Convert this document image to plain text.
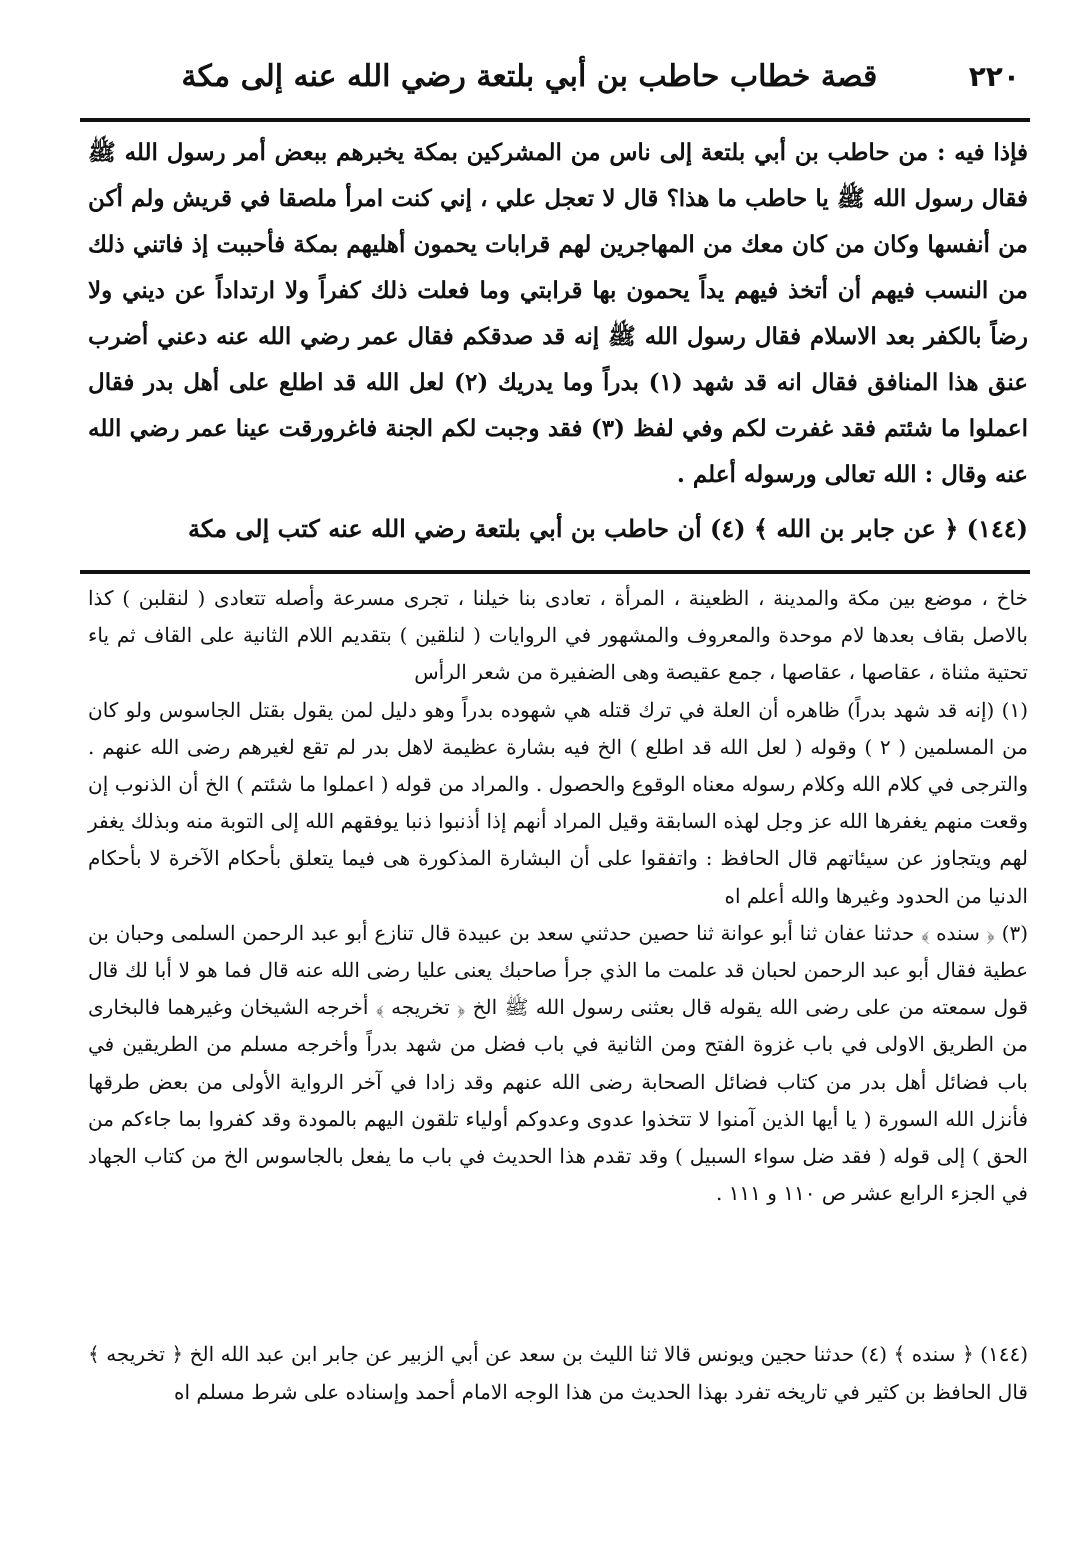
٢٢٠
قصة خطاب حاطب بن أبي بلتعة رضي الله عنه إلى مكة

فإذا فيه : من حاطب بن أبي بلتعة إلى ناس من المشركين بمكة يخبرهم ببعض أمر رسول الله ﷺ فقال رسول الله ﷺ يا حاطب ما هذا؟ قال لا تعجل علي ، إني كنت امرأ ملصقا في قريش ولم أكن من أنفسها وكان من كان معك من المهاجرين لهم قرابات يحمون أهليهم بمكة فأحببت إذ فاتني ذلك من النسب فيهم أن أتخذ فيهم يداً يحمون بها قرابتي وما فعلت ذلك كفراً ولا ارتداداً عن ديني ولا رضاً بالكفر بعد الاسلام فقال رسول الله ﷺ إنه قد صدقكم فقال عمر رضي الله عنه دعني أضرب عنق هذا المنافق فقال انه قد شهد (١) بدراً وما يدريك (٢) لعل الله قد اطلع على أهل بدر فقال اعملوا ما شئتم فقد غفرت لكم وفي لفظ (٣) فقد وجبت لكم الجنة فاغرورقت عينا عمر رضي الله عنه وقال : الله تعالى ورسوله أعلم .

(١٤٤) ﴿ عن جابر بن الله ﴾ (٤) أن حاطب بن أبي بلتعة رضي الله عنه كتب إلى مكة

خاخ ، موضع بين مكة والمدينة ، الظعينة ، المرأة ، تعادى بنا خيلنا ، تجرى مسرعة وأصله تتعادى ( لنقلبن ) كذا بالاصل بقاف بعدها لام موحدة والمعروف والمشهور في الروايات ( لنلقين ) بتقديم اللام الثانية على القاف ثم ياء تحتية مثناة ، عقاصها ، عقاصها ، جمع عقيصة وهى الضفيرة من شعر الرأس

(١) (إنه قد شهد بدراً) ظاهره أن العلة في ترك قتله هي شهوده بدراً وهو دليل لمن يقول بقتل الجاسوس ولو كان من المسلمين ( ٢ ) وقوله ( لعل الله قد اطلع ) الخ فيه بشارة عظيمة لاهل بدر لم تقع لغيرهم رضى الله عنهم . والترجى في كلام الله وكلام رسوله معناه الوقوع والحصول . والمراد من قوله ( اعملوا ما شئتم ) الخ أن الذنوب إن وقعت منهم يغفرها الله عز وجل لهذه السابقة وقيل المراد أنهم إذا أذنبوا ذنبا يوفقهم الله إلى التوبة منه وبذلك يغفر لهم ويتجاوز عن سيئاتهم قال الحافظ : واتفقوا على أن البشارة المذكورة هى فيما يتعلق بأحكام الآخرة لا بأحكام الدنيا من الحدود وغيرها والله أعلم اه

(٣) ﴿ سنده ﴾ حدثنا عفان ثنا أبو عوانة ثنا حصين حدثني سعد بن عبيدة قال تنازع أبو عبد الرحمن السلمى وحبان بن عطية فقال أبو عبد الرحمن لحبان قد علمت ما الذي جرأ صاحبك يعنى عليا رضى الله عنه قال فما هو لا أبا لك قال قول سمعته من على رضى الله يقوله قال بعثنى رسول الله ﷺ الخ ﴿ تخريجه ﴾ أخرجه الشيخان وغيرهما فالبخارى من الطريق الاولى في باب غزوة الفتح ومن الثانية في باب فضل من شهد بدراً وأخرجه مسلم من الطريقين في باب فضائل أهل بدر من كتاب فضائل الصحابة رضى الله عنهم وقد زادا في آخر الرواية الأولى من بعض طرقها فأنزل الله السورة ( يا أيها الذين آمنوا لا تتخذوا عدوى وعدوكم أولياء تلقون اليهم بالمودة وقد كفروا بما جاءكم من الحق ) إلى قوله ( فقد ضل سواء السبيل ) وقد تقدم هذا الحديث في باب ما يفعل بالجاسوس الخ من كتاب الجهاد في الجزء الرابع عشر ص ١١٠ و ١١١ .

(١٤٤) ﴿ سنده ﴾ (٤) حدثنا حجين ويونس قالا ثنا الليث بن سعد عن أبي الزبير عن جابر ابن عبد الله الخ ﴿ تخريجه ﴾ قال الحافظ بن كثير في تاريخه تفرد بهذا الحديث من هذا الوجه الامام أحمد وإسناده على شرط مسلم اه
